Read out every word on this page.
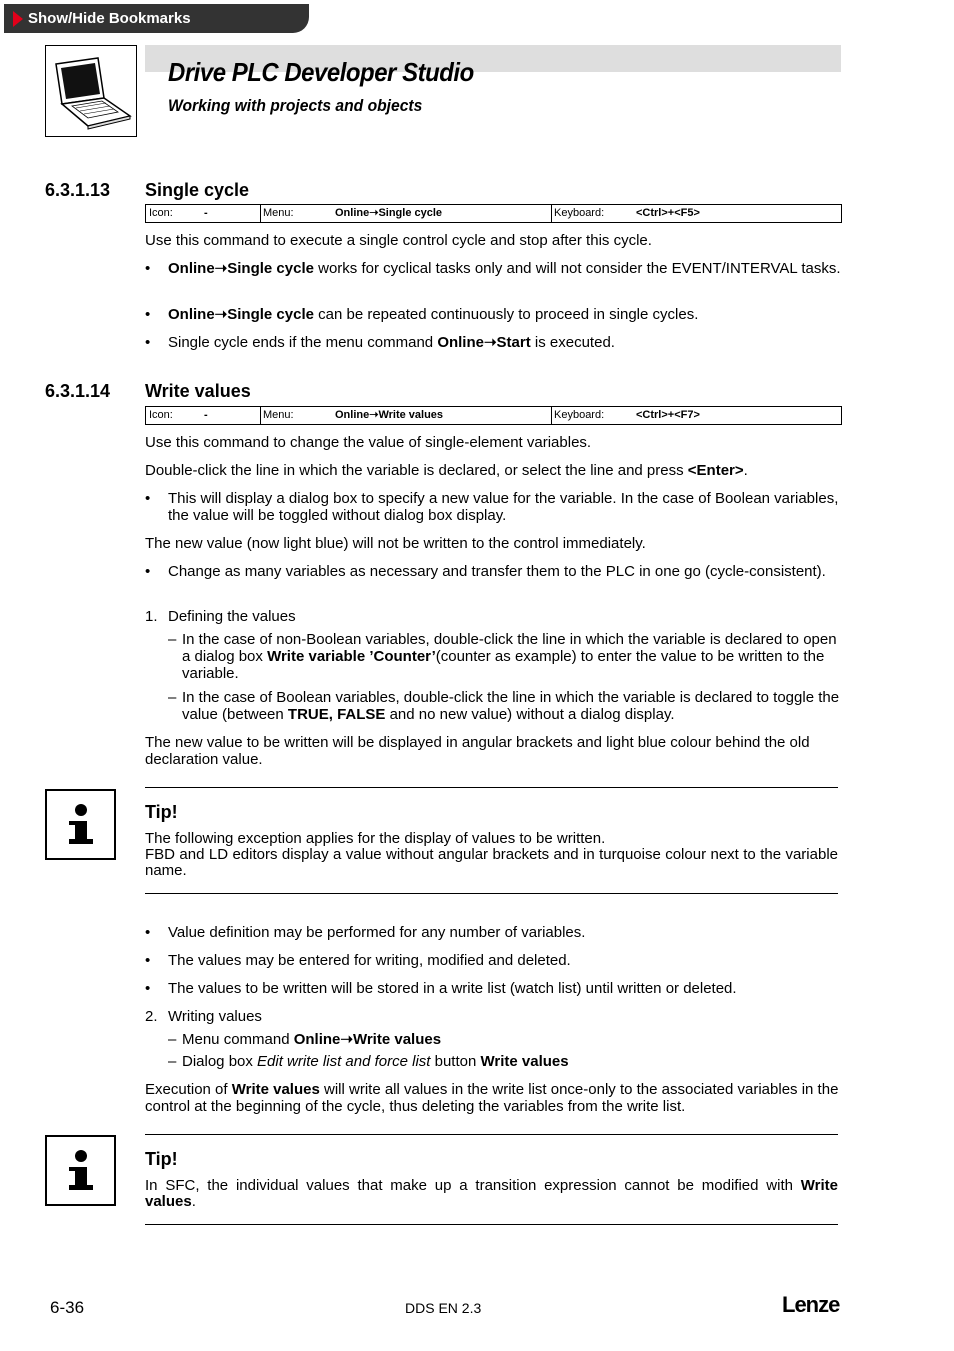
Show/Hide Bookmarks
Drive PLC Developer Studio
Working with projects and objects
6.3.1.13 Single cycle
Icon:	-	Menu:	Online➝Single cycle	Keyboard:	<Ctrl>+<F5>
Use this command to execute a single control cycle and stop after this cycle.
• Online➝Single cycle works for cyclical tasks only and will not consider the EVENT/INTERVAL tasks.
• Online➝Single cycle can be repeated continuously to proceed in single cycles.
• Single cycle ends if the menu command Online➝Start is executed.
6.3.1.14 Write values
Icon:	-	Menu:	Online➝Write values	Keyboard:	<Ctrl>+<F7>
Use this command to change the value of single-element variables.
Double-click the line in which the variable is declared, or select the line and press <Enter>.
• This will display a dialog box to specify a new value for the variable. In the case of Boolean variables, the value will be toggled without dialog box display.
The new value (now light blue) will not be written to the control immediately.
• Change as many variables as necessary and transfer them to the PLC in one go (cycle-consistent).
1. Defining the values
– In the case of non-Boolean variables, double-click the line in which the variable is declared to open a dialog box Write variable ’Counter’(counter as example) to enter the value to be written to the variable.
– In the case of Boolean variables, double-click the line in which the variable is declared to toggle the value (between TRUE, FALSE and no new value) without a dialog display.
The new value to be written will be displayed in angular brackets and light blue colour behind the old declaration value.
Tip!
The following exception applies for the display of values to be written.
FBD and LD editors display a value without angular brackets and in turquoise colour next to the variable name.
• Value definition may be performed for any number of variables.
• The values may be entered for writing, modified and deleted.
• The values to be written will be stored in a write list (watch list) until written or deleted.
2. Writing values
– Menu command Online➝Write values
– Dialog box Edit write list and force list button Write values
Execution of Write values will write all values in the write list once-only to the associated variables in the control at the beginning of the cycle, thus deleting the variables from the write list.
Tip!
In SFC, the individual values that make up a transition expression cannot be modified with Write values.
6-36	DDS EN 2.3	Lenze
